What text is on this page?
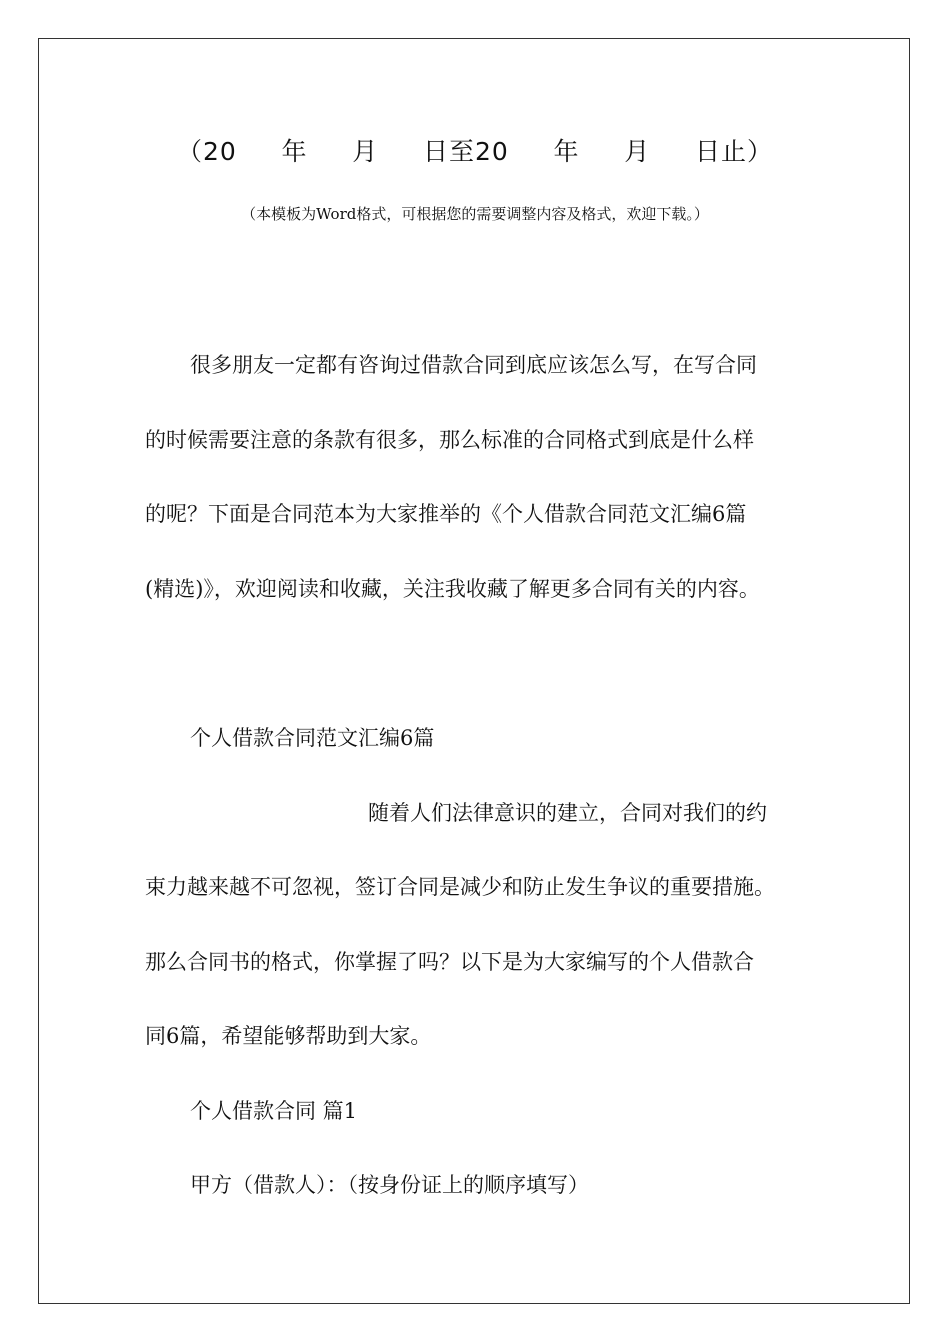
（20     年     月     日至20     年     月     日止）
（本模板为Word格式，可根据您的需要调整内容及格式，欢迎下载。）
很多朋友一定都有咨询过借款合同到底应该怎么写，在写合同
的时候需要注意的条款有很多，那么标准的合同格式到底是什么样
的呢？下面是合同范本为大家推举的《个人借款合同范文汇编6篇
(精选)》，欢迎阅读和收藏，关注我收藏了解更多合同有关的内容。
个人借款合同范文汇编6篇
随着人们法律意识的建立，合同对我们的约
束力越来越不可忽视，签订合同是减少和防止发生争议的重要措施。
那么合同书的格式，你掌握了吗？以下是为大家编写的个人借款合
同6篇，希望能够帮助到大家。
个人借款合同 篇1
甲方（借款人）：（按身份证上的顺序填写）
